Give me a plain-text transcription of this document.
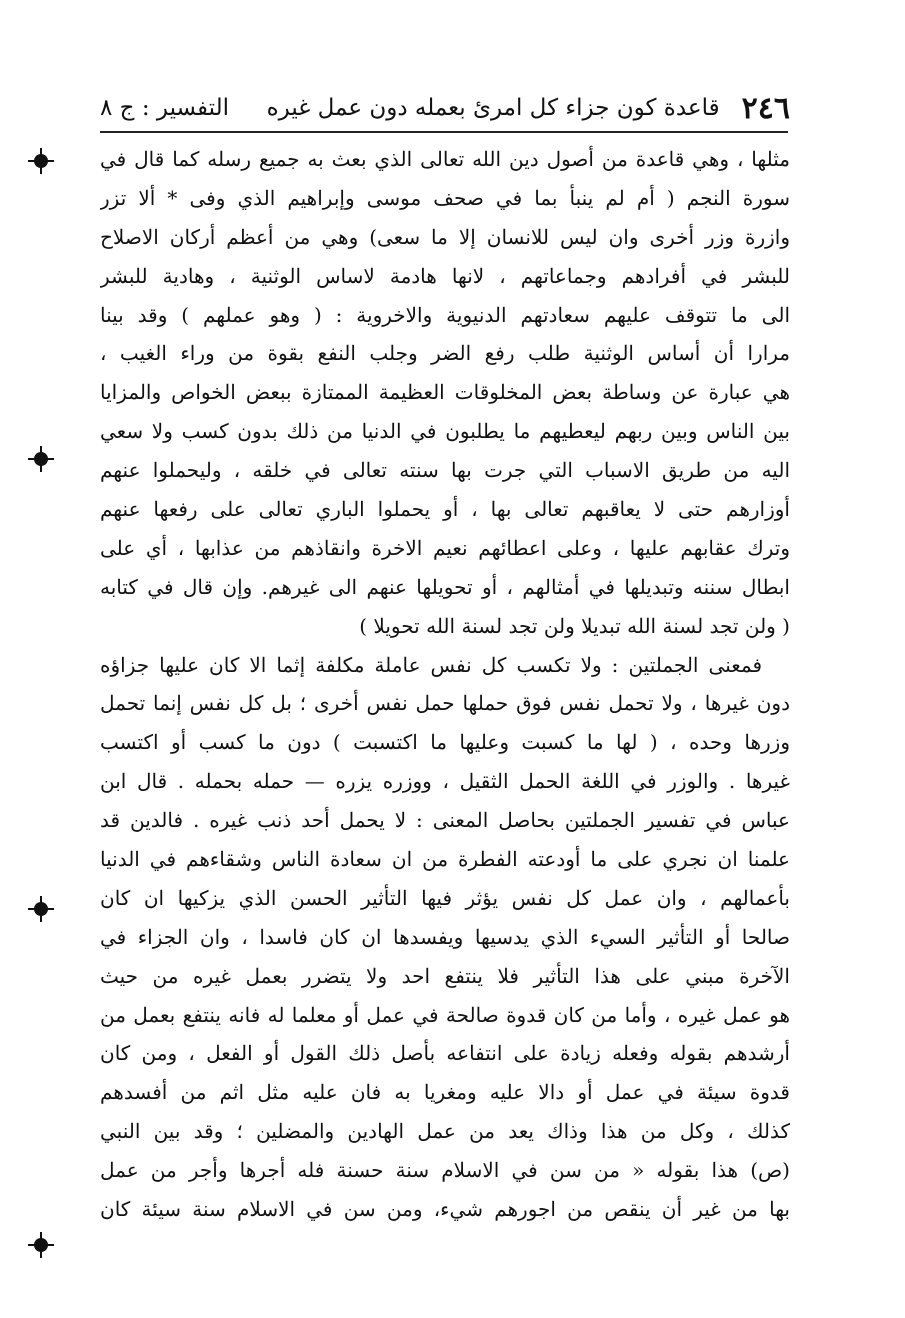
٢٤٦
قاعدة كون جزاء كل امرئ بعمله دون عمل غيره
التفسير : ج ٨
مثلها ، وهي قاعدة من أصول دين الله تعالى الذي بعث به جميع رسله كما قال في
سورة النجم ( أم لم ينبأ بما في صحف موسى وإبراهيم الذي وفى * ألا تزر
وازرة وزر أخرى وان ليس للانسان إلا ما سعى) وهي من أعظم أركان الاصلاح
للبشر في أفرادهم وجماعاتهم ، لانها هادمة لاساس الوثنية ، وهادية للبشر
الى ما تتوقف عليهم سعادتهم الدنيوية والاخروية : ( وهو عملهم ) وقد بينا
مرارا أن أساس الوثنية طلب رفع الضر وجلب النفع بقوة من وراء الغيب ،
هي عبارة عن وساطة بعض المخلوقات العظيمة الممتازة ببعض الخواص والمزايا
بين الناس وبين ربهم ليعطيهم ما يطلبون في الدنيا من ذلك بدون كسب ولا سعي
اليه من طريق الاسباب التي جرت بها سنته تعالى في خلقه ، وليحملوا عنهم
أوزارهم حتى لا يعاقبهم تعالى بها ، أو يحملوا الباري تعالى على رفعها عنهم
وترك عقابهم عليها ، وعلى اعطائهم نعيم الاخرة وانقاذهم من عذابها ، أي على
ابطال سننه وتبديلها في أمثالهم ، أو تحويلها عنهم الى غيرهم. وإن قال في كتابه
( ولن تجد لسنة الله تبديلا ولن تجد لسنة الله تحويلا )
فمعنى الجملتين : ولا تكسب كل نفس عاملة مكلفة إثما الا كان عليها جزاؤه
دون غيرها ، ولا تحمل نفس فوق حملها حمل نفس أخرى ؛ بل كل نفس إنما تحمل
وزرها وحده ، ( لها ما كسبت وعليها ما اكتسبت ) دون ما كسب أو اكتسب
غيرها . والوزر في اللغة الحمل الثقيل ، ووزره يزره — حمله بحمله . قال ابن
عباس في تفسير الجملتين بحاصل المعنى : لا يحمل أحد ذنب غيره . فالدين قد
علمنا ان نجري على ما أودعته الفطرة من ان سعادة الناس وشقاءهم في الدنيا
بأعمالهم ، وان عمل كل نفس يؤثر فيها التأثير الحسن الذي يزكيها ان كان
صالحا أو التأثير السيء الذي يدسيها ويفسدها ان كان فاسدا ، وان الجزاء في
الآخرة مبني على هذا التأثير فلا ينتفع احد ولا يتضرر بعمل غيره من حيث
هو عمل غيره ، وأما من كان قدوة صالحة في عمل أو معلما له فانه ينتفع بعمل من
أرشدهم بقوله وفعله زيادة على انتفاعه بأصل ذلك القول أو الفعل ، ومن كان
قدوة سيئة في عمل أو دالا عليه ومغريا به فان عليه مثل اثم من أفسدهم
كذلك ، وكل من هذا وذاك يعد من عمل الهادين والمضلين ؛ وقد بين النبي
(ص) هذا بقوله « من سن في الاسلام سنة حسنة فله أجرها وأجر من عمل
بها من غير أن ينقص من اجورهم شيء، ومن سن في الاسلام سنة سيئة كان
